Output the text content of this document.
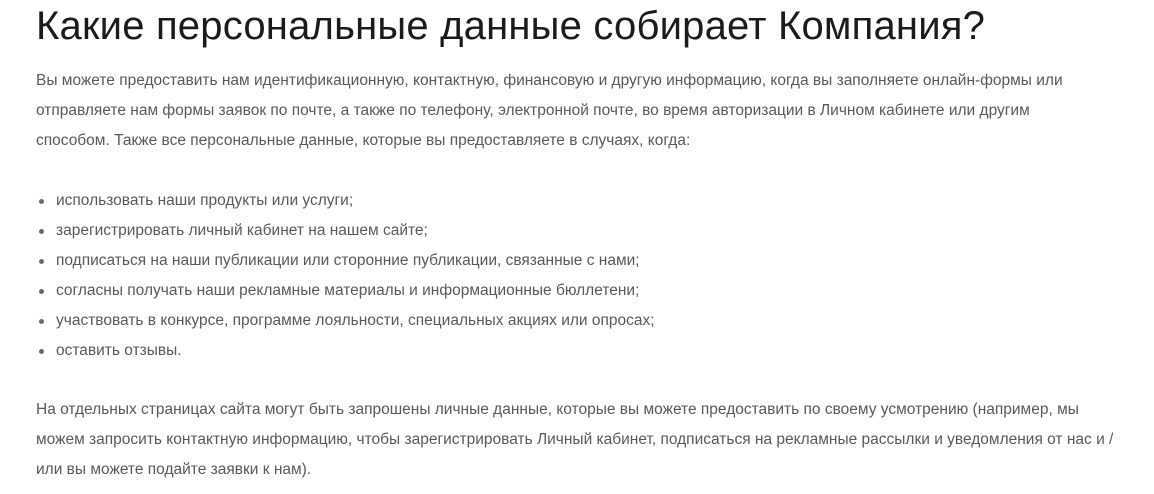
Какие персональные данные собирает Компания?

Вы можете предоставить нам идентификационную, контактную, финансовую и другую информацию, когда вы заполняете онлайн-формы или отправляете нам формы заявок по почте, а также по телефону, электронной почте, во время авторизации в Личном кабинете или другим способом. Также все персональные данные, которые вы предоставляете в случаях, когда:

использовать наши продукты или услуги;
зарегистрировать личный кабинет на нашем сайте;
подписаться на наши публикации или сторонние публикации, связанные с нами;
согласны получать наши рекламные материалы и информационные бюллетени;
участвовать в конкурсе, программе лояльности, специальных акциях или опросах;
оставить отзывы.

На отдельных страницах сайта могут быть запрошены личные данные, которые вы можете предоставить по своему усмотрению (например, мы можем запросить контактную информацию, чтобы зарегистрировать Личный кабинет, подписаться на рекламные рассылки и уведомления от нас и / или вы можете подайте заявки к нам).
